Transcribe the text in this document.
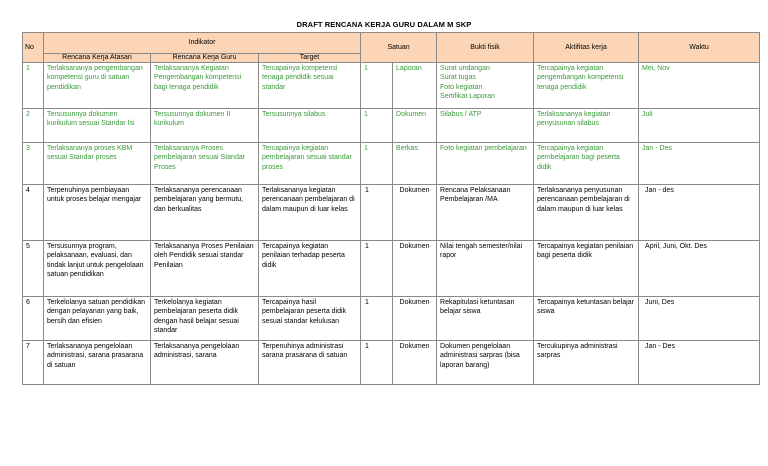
DRAFT RENCANA KERJA GURU DALAM M SKP
No	Indikator			Satuan		Bukti fisik	Aktifitas kerja	Waktu
	Rencana Kerja Atasan	Rencana Kerja Guru	Target					
1	Terlaksananya pengembangan kompetensi guru di satuan pendidikan	Terlaksananya Kegiatan Pengembangan kompetensi bagi tenaga pendidik	Tercapainya kompetensi tenaga pendidik sesuai standar	1	Laporan	Surat undangan
Surat tugas
Foto kegiatan
Sertifikat Laporan	Tercapainya kegiatan pengembangan kompetensi tenaga pendidik	Mei, Nov
2	Tersusunnya dokumen kurikulum sesuai Standar Isi	Tersusunnya dokumen II kurikulum	Tersusunnya silabus	1	Dokumen	Silabus / ATP	Terlaksananya kegiatan penyusunan silabus	Juli
3	Terlaksananya proses KBM sesuai Standar proses	Terlaksananya Proses pembelajaran sesuai Standar Proses	Tercapainya kegiatan pembelajaran sesuai standar proses	1	Berkas	Foto kegiatan pembelajaran	Tercapainya kegiatan pembelajaran bagi peserta didik	Jan - Des
4	Terpenuhinya pembiayaan untuk proses belajar mengajar	Terlaksananya perencanaan pembelajaran yang bermutu, dan berkualitas	Terlaksananya kegiatan perencanaan pembelajaran di dalam maupun di luar kelas	1	Dokumen	Rencana Pelaksanaan Pembelajaran /MA	Terlaksananya penyusunan perencanaan pembelajaran di dalam maupun di luar kelas	Jan - des
5	Tersusunnya program, pelaksanaan, evaluasi, dan tindak lanjut untuk pengelolaan satuan pendidikan	Terlaksananya Proses Penilaian oleh Pendidik sesuai standar Penilaian	Tercapainya kegiatan penilaian terhadap peserta didik	1	Dokumen	Nilai tengah semester/nilai rapor	Tercapainya kegiatan penilaian bagi peserta didik	April, Juni, Okt. Des
6	Terkelolanya satuan pendidikan dengan pelayanan yang baik, bersih dan efisien	Terkelolanya kegiatan pembelajaran peserta didik dengan hasil belajar sesuai standar	Tercapainya hasil pembelajaran peserta didik sesuai standar kelulusan	1	Dokumen	Rekapitulasi ketuntasan belajar siswa	Tercapainya ketuntasan belajar siswa	Juni, Des
7	Terlaksananya pengelolaan administrasi, sarana prasarana di satuan	Terlaksananya pengelolaan administrasi, sarana	Terpenuhinya administrasi sarana prasarana di satuan	1	Dokumen	Dokumen pengelolaan administrasi sarpras (bisa laporan barang)	Tercukupinya administrasi sarpras	Jan - Des
